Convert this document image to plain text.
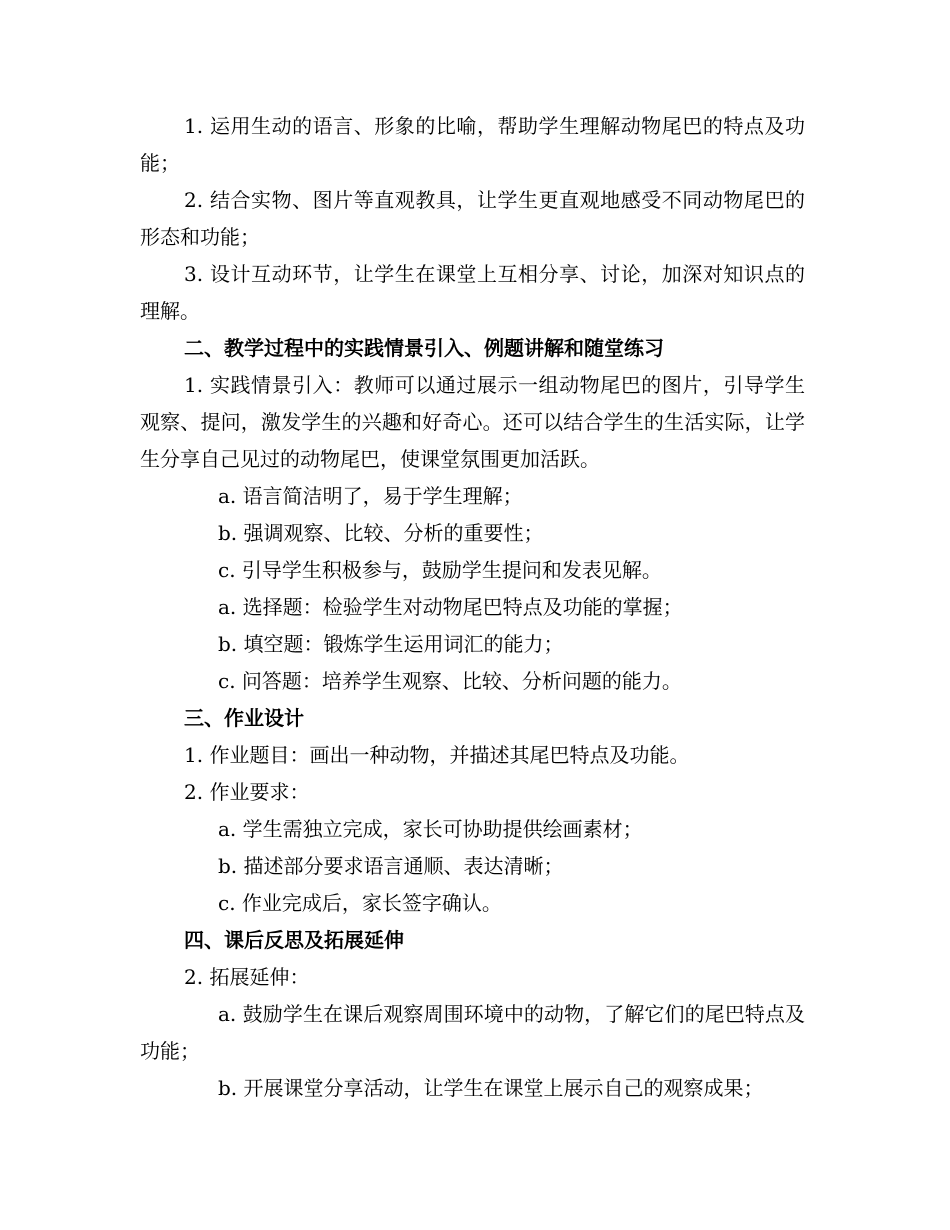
1. 运用生动的语言、形象的比喻，帮助学生理解动物尾巴的特点及功能；

2. 结合实物、图片等直观教具，让学生更直观地感受不同动物尾巴的形态和功能；

3. 设计互动环节，让学生在课堂上互相分享、讨论，加深对知识点的理解。

二、教学过程中的实践情景引入、例题讲解和随堂练习

1. 实践情景引入：教师可以通过展示一组动物尾巴的图片，引导学生观察、提问，激发学生的兴趣和好奇心。还可以结合学生的生活实际，让学生分享自己见过的动物尾巴，使课堂氛围更加活跃。

a. 语言简洁明了，易于学生理解；

b. 强调观察、比较、分析的重要性；

c. 引导学生积极参与，鼓励学生提问和发表见解。

a. 选择题：检验学生对动物尾巴特点及功能的掌握；

b. 填空题：锻炼学生运用词汇的能力；

c. 问答题：培养学生观察、比较、分析问题的能力。

三、作业设计

1. 作业题目：画出一种动物，并描述其尾巴特点及功能。

2. 作业要求：

a. 学生需独立完成，家长可协助提供绘画素材；

b. 描述部分要求语言通顺、表达清晰；

c. 作业完成后，家长签字确认。

四、课后反思及拓展延伸

2. 拓展延伸：

a. 鼓励学生在课后观察周围环境中的动物，了解它们的尾巴特点及功能；

b. 开展课堂分享活动，让学生在课堂上展示自己的观察成果；
